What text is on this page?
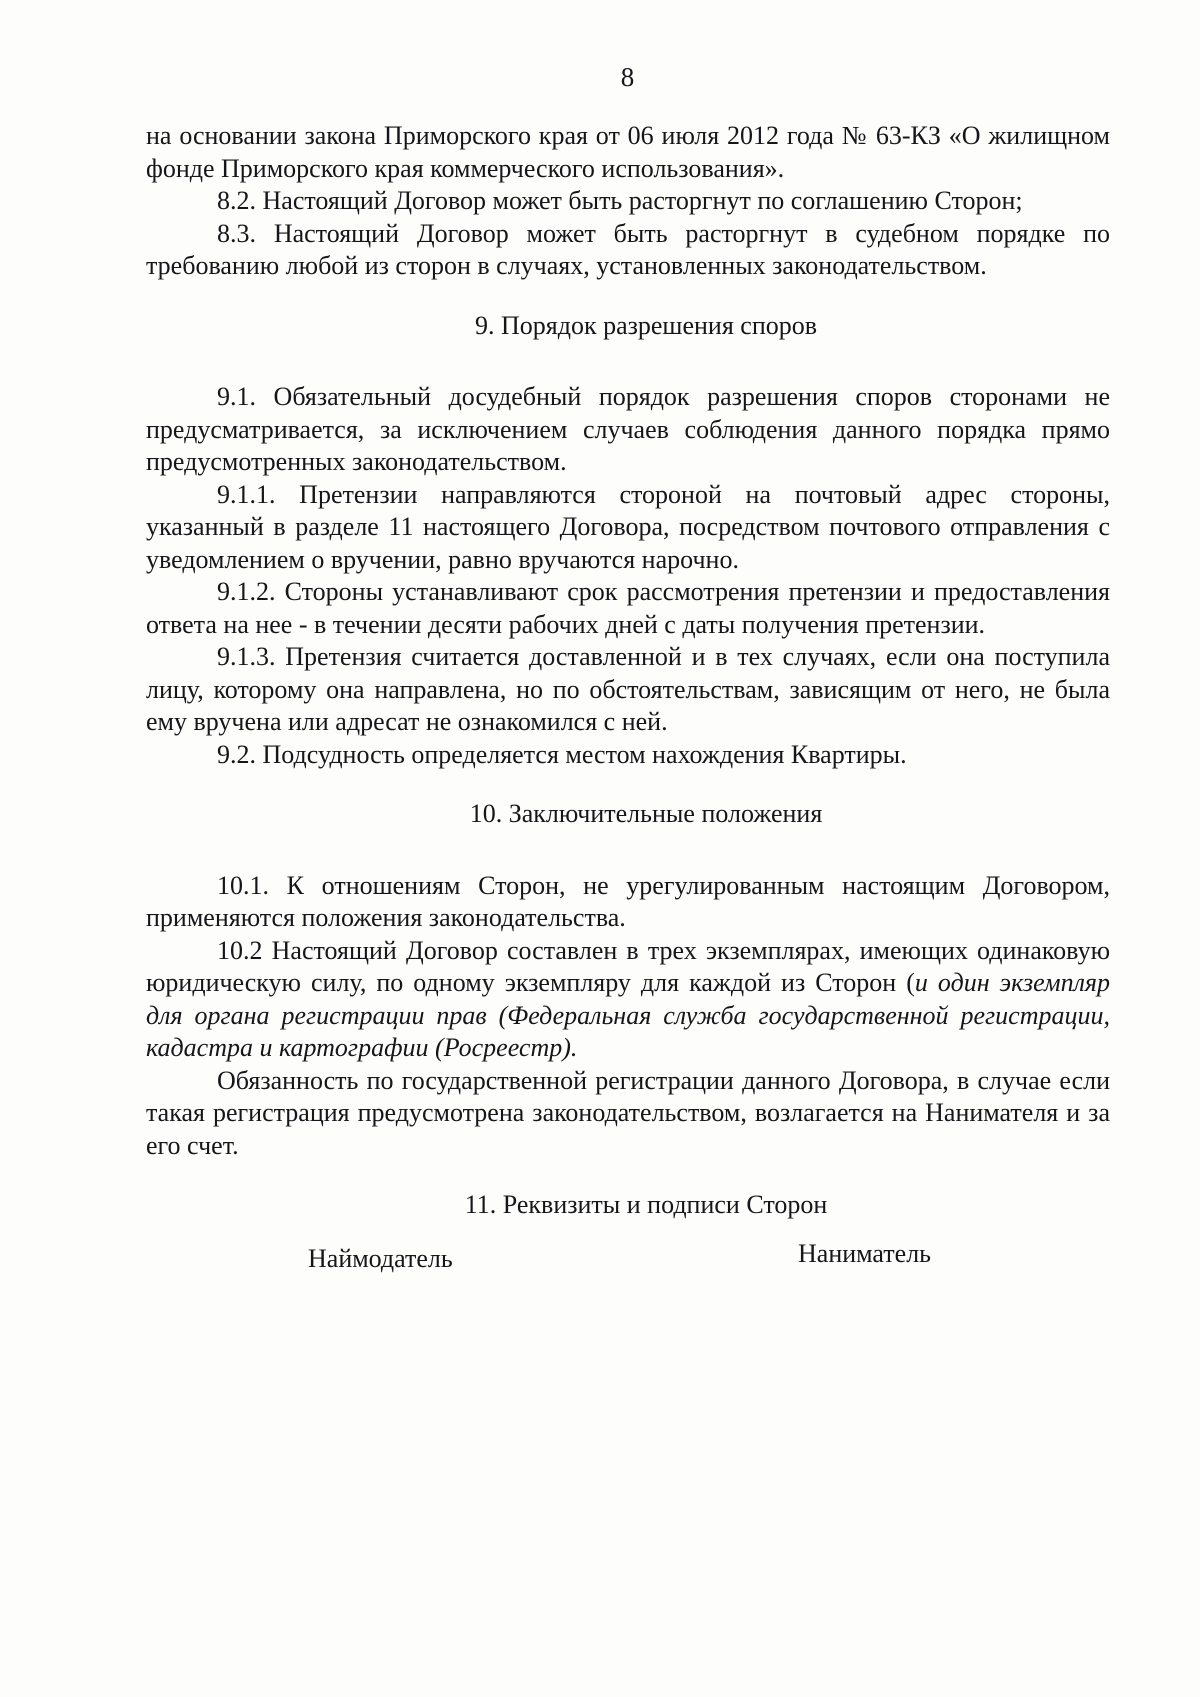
8

на основании закона Приморского края от 06 июля 2012 года № 63-КЗ «О жилищном фонде Приморского края коммерческого использования».

8.2. Настоящий Договор может быть расторгнут по соглашению Сторон;

8.3. Настоящий Договор может быть расторгнут в судебном порядке по требованию любой из сторон в случаях, установленных законодательством.

9. Порядок разрешения споров

9.1. Обязательный досудебный порядок разрешения споров сторонами не предусматривается, за исключением случаев соблюдения данного порядка прямо предусмотренных законодательством.

9.1.1. Претензии направляются стороной на почтовый адрес стороны, указанный в разделе 11 настоящего Договора, посредством почтового отправления с уведомлением о вручении, равно вручаются нарочно.

9.1.2. Стороны устанавливают срок рассмотрения претензии и предоставления ответа на нее - в течении десяти рабочих дней с даты получения претензии.

9.1.3. Претензия считается доставленной и в тех случаях, если она поступила лицу, которому она направлена, но по обстоятельствам, зависящим от него, не была ему вручена или адресат не ознакомился с ней.

9.2. Подсудность определяется местом нахождения Квартиры.

10. Заключительные положения

10.1. К отношениям Сторон, не урегулированным настоящим Договором, применяются положения законодательства.

10.2 Настоящий Договор составлен в трех экземплярах, имеющих одинаковую юридическую силу, по одному экземпляру для каждой из Сторон (и один экземпляр для органа регистрации прав (Федеральная служба государственной регистрации, кадастра и картографии (Росреестр).

Обязанность по государственной регистрации данного Договора, в случае если такая регистрация предусмотрена законодательством, возлагается на Нанимателя и за его счет.

11. Реквизиты и подписи Сторон

Наймодатель	Наниматель
